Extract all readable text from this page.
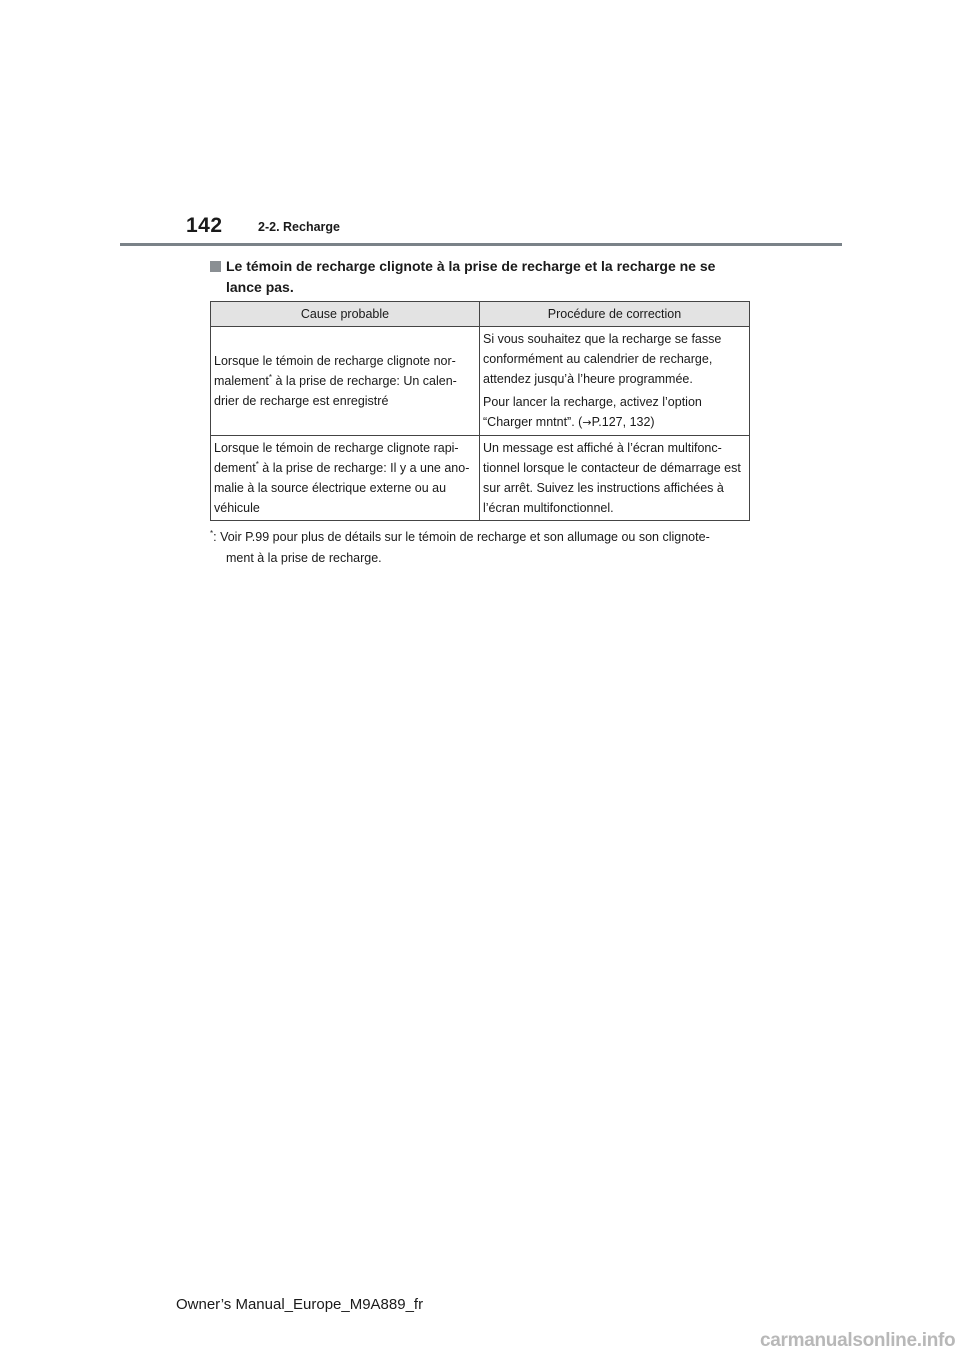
142	2-2. Recharge
Le témoin de recharge clignote à la prise de recharge et la recharge ne se
lance pas.
Cause probable	Procédure de correction
Lorsque le témoin de recharge clignote nor- malement* à la prise de recharge: Un calen- drier de recharge est enregistré	Si vous souhaitez que la recharge se fasse conformément au calendrier de recharge, attendez jusqu’à l’heure programmée.

Pour lancer la recharge, activez l’option “Charger mntnt”. (→P.127, 132)

Lorsque le témoin de recharge clignote rapi- dement* à la prise de recharge: Il y a une ano- malie à la source électrique externe ou au véhicule	Un message est affiché à l’écran multifonc-tionnel lorsque le contacteur de démarrage est sur arrêt. Suivez les instructions affichées à l’écran multifonctionnel.

*: Voir P.99 pour plus de détails sur le témoin de recharge et son allumage ou son clignote-
ment à la prise de recharge.
Owner’s Manual_Europe_M9A889_fr
carmanualsonline.info
